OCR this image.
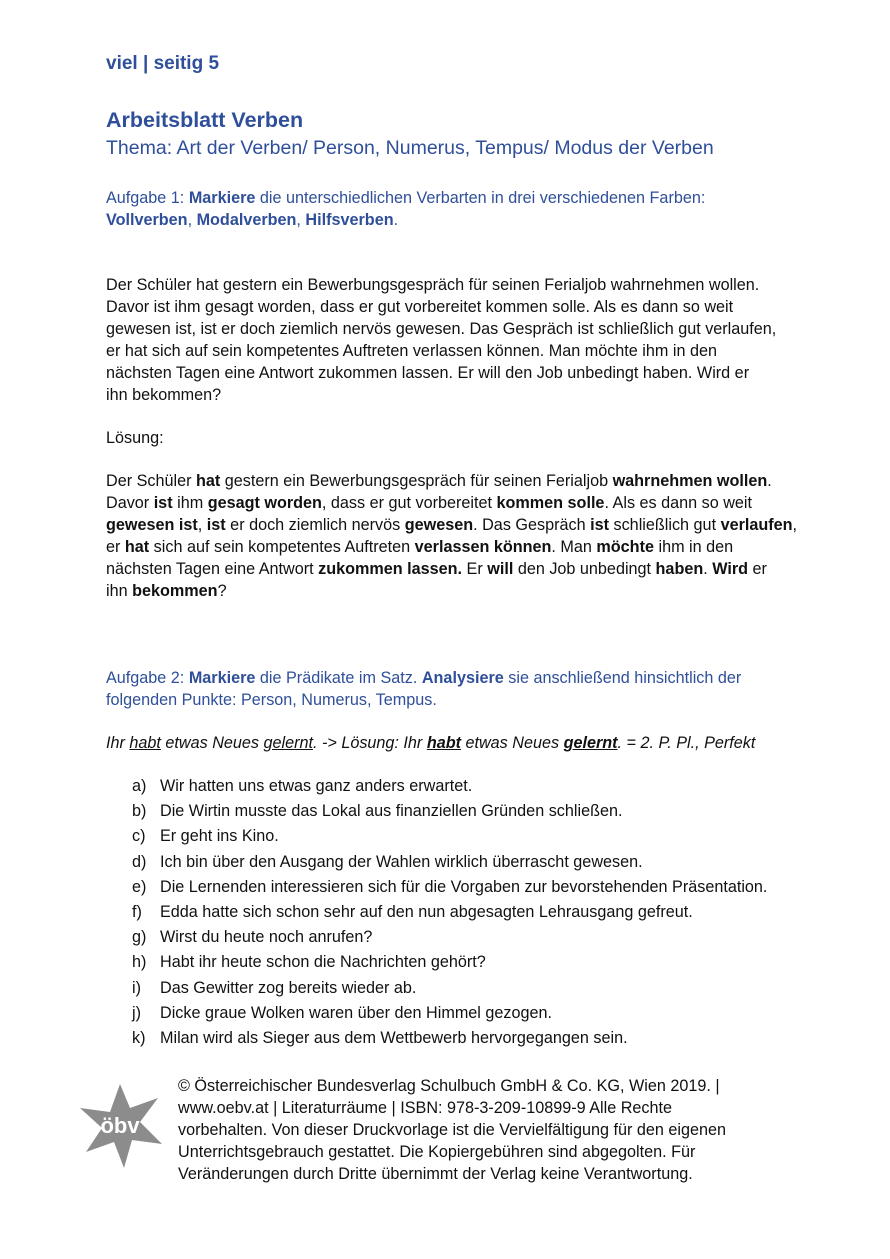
viel | seitig 5
Arbeitsblatt Verben
Thema: Art der Verben/ Person, Numerus, Tempus/ Modus der Verben
Aufgabe 1: Markiere die unterschiedlichen Verbarten in drei verschiedenen Farben:
Vollverben, Modalverben, Hilfsverben.
Der Schüler hat gestern ein Bewerbungsgespräch für seinen Ferialjob wahrnehmen wollen.
Davor ist ihm gesagt worden, dass er gut vorbereitet kommen solle. Als es dann so weit
gewesen ist, ist er doch ziemlich nervös gewesen. Das Gespräch ist schließlich gut verlaufen,
er hat sich auf sein kompetentes Auftreten verlassen können. Man möchte ihm in den
nächsten Tagen eine Antwort zukommen lassen. Er will den Job unbedingt haben. Wird er
ihn bekommen?
Lösung:
Der Schüler hat gestern ein Bewerbungsgespräch für seinen Ferialjob wahrnehmen wollen.
Davor ist ihm gesagt worden, dass er gut vorbereitet kommen solle. Als es dann so weit
gewesen ist, ist er doch ziemlich nervös gewesen. Das Gespräch ist schließlich gut verlaufen,
er hat sich auf sein kompetentes Auftreten verlassen können. Man möchte ihm in den
nächsten Tagen eine Antwort zukommen lassen. Er will den Job unbedingt haben. Wird er
ihn bekommen?
Aufgabe 2: Markiere die Prädikate im Satz. Analysiere sie anschließend hinsichtlich der
folgenden Punkte: Person, Numerus, Tempus.
Ihr habt etwas Neues gelernt. -> Lösung: Ihr habt etwas Neues gelernt. = 2. P. Pl., Perfekt
a) Wir hatten uns etwas ganz anders erwartet.
b) Die Wirtin musste das Lokal aus finanziellen Gründen schließen.
c) Er geht ins Kino.
d) Ich bin über den Ausgang der Wahlen wirklich überrascht gewesen.
e) Die Lernenden interessieren sich für die Vorgaben zur bevorstehenden Präsentation.
f) Edda hatte sich schon sehr auf den nun abgesagten Lehrausgang gefreut.
g) Wirst du heute noch anrufen?
h) Habt ihr heute schon die Nachrichten gehört?
i) Das Gewitter zog bereits wieder ab.
j) Dicke graue Wolken waren über den Himmel gezogen.
k) Milan wird als Sieger aus dem Wettbewerb hervorgegangen sein.
öbv
© Österreichischer Bundesverlag Schulbuch GmbH & Co. KG, Wien 2019. |
www.oebv.at | Literaturräume | ISBN: 978-3-209-10899-9 Alle Rechte
vorbehalten. Von dieser Druckvorlage ist die Vervielfältigung für den eigenen
Unterrichtsgebrauch gestattet. Die Kopiergebühren sind abgegolten. Für
Veränderungen durch Dritte übernimmt der Verlag keine Verantwortung.
